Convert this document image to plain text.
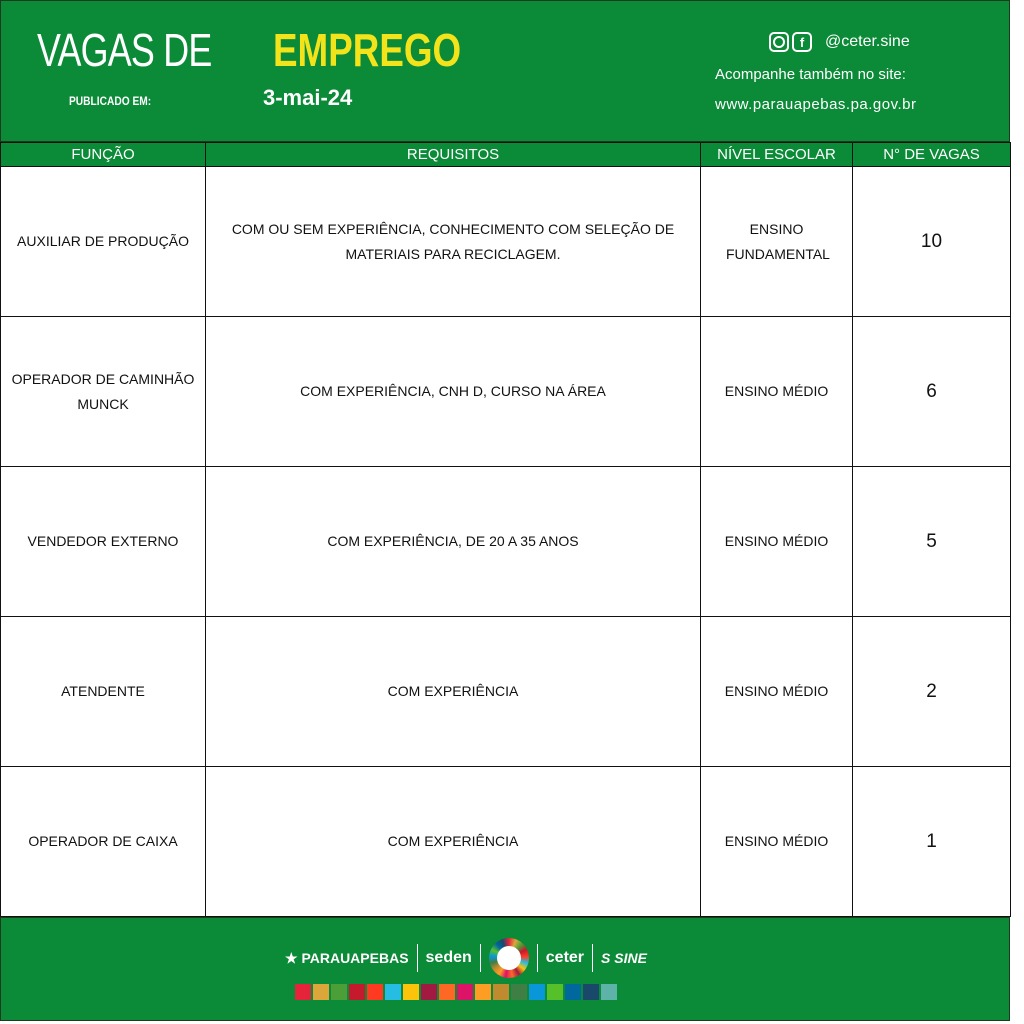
VAGAS DE EMPREGO
PUBLICADO EM:	3-mai-24
f	@ceter.sine
Acompanhe também no site:
www.parauapebas.pa.gov.br
FUNÇÃO	REQUISITOS	NÍVEL ESCOLAR	N° DE VAGAS
AUXILIAR DE PRODUÇÃO	COM OU SEM EXPERIÊNCIA, CONHECIMENTO COM SELEÇÃO DE MATERIAIS PARA RECICLAGEM.	ENSINO FUNDAMENTAL	10
OPERADOR DE CAMINHÃO MUNCK	COM EXPERIÊNCIA, CNH D, CURSO NA ÁREA	ENSINO MÉDIO	6
VENDEDOR EXTERNO	COM EXPERIÊNCIA, DE 20 A 35 ANOS	ENSINO MÉDIO	5
ATENDENTE	COM EXPERIÊNCIA	ENSINO MÉDIO	2
OPERADOR DE CAIXA	COM EXPERIÊNCIA	ENSINO MÉDIO	1
★ PARAUAPEBAS seden	ceter S SINE
